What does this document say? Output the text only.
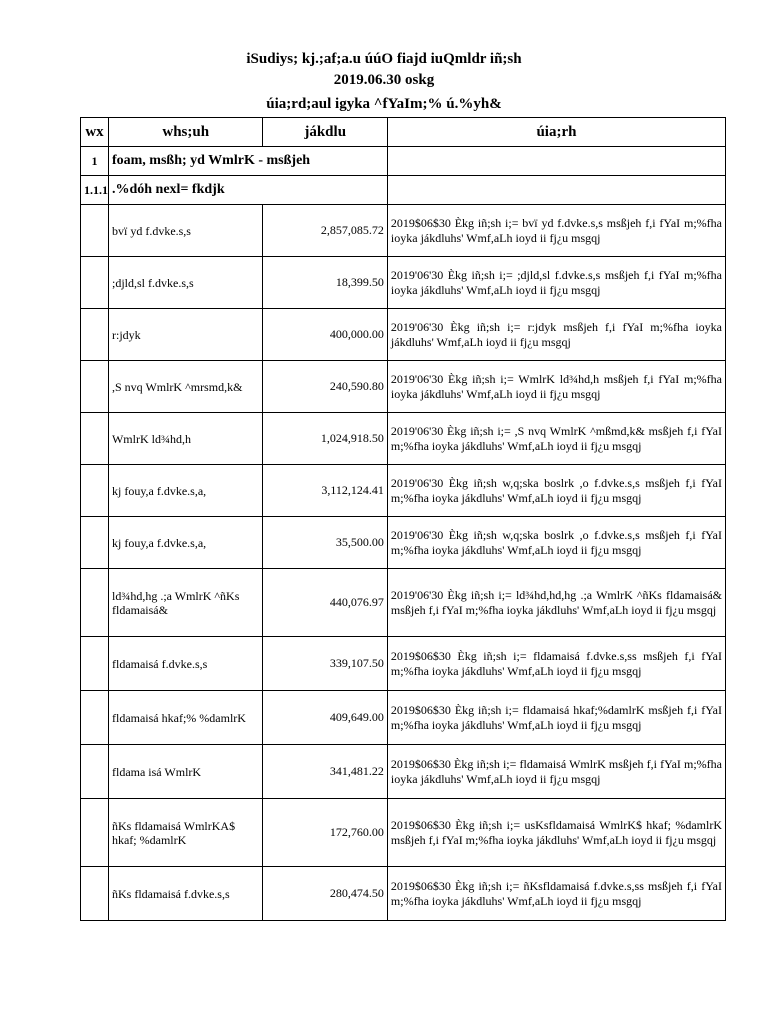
iSudiys; kj.;af;a.u úúO fiajd iuQmldr iñ;sh
2019.06.30 oskg
úia;rd;aul igyka ^fYaIm;% ú.%yh&
wx	whs;uh	jákdlu	úia;rh
1	foam, msßh; yd WmlrK - msßjeh		
1.1.1	.%dóh nexl= fkdjk		
	bvï yd f.dvke.s,s	2,857,085.72	2019$06$30 Èkg iñ;sh i;= bvï yd f.dvke.s,s msßjeh f,i fYaI m;%fha ioyka jákdluhs' Wmf,aLh ioyd ii fj¿u msgqj
	;djld,sl f.dvke.s,s	18,399.50	2019'06'30 Èkg iñ;sh i;= ;djld,sl f.dvke.s,s msßjeh f,i fYaI m;%fha ioyka jákdluhs' Wmf,aLh ioyd ii fj¿u msgqj
	r:jdyk	400,000.00	2019'06'30 Èkg iñ;sh i;= r:jdyk msßjeh f,i fYaI m;%fha ioyka jákdluhs' Wmf,aLh ioyd ii fj¿u msgqj
	,S nvq WmlrK ^mrsmd,k&	240,590.80	2019'06'30 Èkg iñ;sh i;= WmlrK ld¾hd,h msßjeh f,i fYaI m;%fha ioyka jákdluhs' Wmf,aLh ioyd ii fj¿u msgqj
	WmlrK ld¾hd,h	1,024,918.50	2019'06'30 Èkg iñ;sh i;= ,S nvq WmlrK ^mßmd,k& msßjeh f,i fYaI m;%fha ioyka jákdluhs' Wmf,aLh ioyd ii fj¿u msgqj
	kj fouy,a f.dvke.s,a,	3,112,124.41	2019'06'30 Èkg iñ;sh w,q;ska boslrk ,o f.dvke.s,s msßjeh f,i fYaI m;%fha ioyka jákdluhs' Wmf,aLh ioyd ii fj¿u msgqj
	kj fouy,a f.dvke.s,a,	35,500.00	2019'06'30 Èkg iñ;sh w,q;ska boslrk ,o f.dvke.s,s msßjeh f,i fYaI m;%fha ioyka jákdluhs' Wmf,aLh ioyd ii fj¿u msgqj
	ld¾hd,hg .;a WmlrK ^ñKs fldamaisá&	440,076.97	2019'06'30 Èkg iñ;sh i;= ld¾hd,hd,hg .;a WmlrK ^ñKs fldamaisá& msßjeh f,i fYaI m;%fha ioyka jákdluhs' Wmf,aLh ioyd ii fj¿u msgqj
	fldamaisá f.dvke.s,s	339,107.50	2019$06$30 Èkg iñ;sh i;= fldamaisá f.dvke.s,ss msßjeh f,i fYaI m;%fha ioyka jákdluhs' Wmf,aLh ioyd ii fj¿u msgqj
	fldamaisá hkaf;% %damlrK	409,649.00	2019$06$30 Èkg iñ;sh i;= fldamaisá hkaf;%damlrK msßjeh f,i fYaI m;%fha ioyka jákdluhs' Wmf,aLh ioyd ii fj¿u msgqj
	fldama isá WmlrK	341,481.22	2019$06$30 Èkg iñ;sh i;= fldamaisá WmlrK msßjeh f,i fYaI m;%fha ioyka jákdluhs' Wmf,aLh ioyd ii fj¿u msgqj
	ñKs fldamaisá WmlrKA$ hkaf; %damlrK	172,760.00	2019$06$30 Èkg iñ;sh i;= usKsfldamaisá WmlrK$ hkaf; %damlrK msßjeh f,i fYaI m;%fha ioyka jákdluhs' Wmf,aLh ioyd ii fj¿u msgqj
	ñKs fldamaisá f.dvke.s,s	280,474.50	2019$06$30 Èkg iñ;sh i;= ñKsfldamaisá f.dvke.s,ss msßjeh f,i fYaI m;%fha ioyka jákdluhs' Wmf,aLh ioyd ii fj¿u msgqj
